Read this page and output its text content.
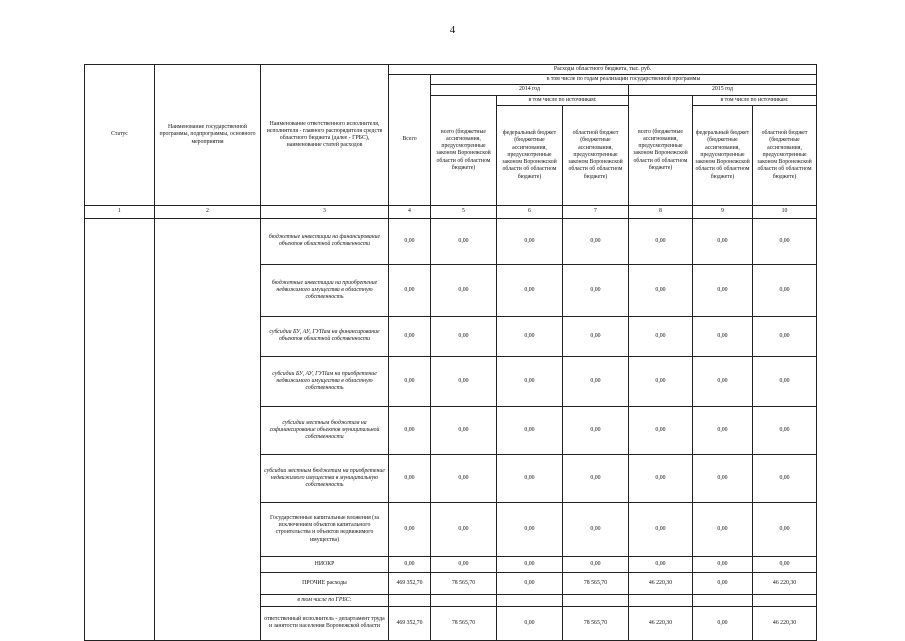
4
Статус	Наименование государственной программы, подпрограммы, основного мероприятия	Наименование ответственного исполнителя, исполнителя - главного распорядителя средств областного бюджета (далее - ГРБС), наименование статей расходов	Расходы областного бюджета, тыс. руб.						
			Всего	в том числе по годам реализации государственной программы					
				2014 год			2015 год		
				всего (бюджетные ассигнования, предусмотренные законом Воронежской области об областном бюджете)	в том числе по источникам:		всего (бюджетные ассигнования, предусмотренные законом Воронежской области об областном бюджете)	в том числе по источникам:	
					федеральный бюджет (бюджетные ассигнования, предусмотренные законом Воронежской области об областном бюджете)	областной бюджет (бюджетные ассигнования, предусмотренные законом Воронежской области об областном бюджете)		федеральный бюджет (бюджетные ассигнования, предусмотренные законом Воронежской области об областном бюджете)	областной бюджет (бюджетные ассигнования, предусмотренные законом Воронежской области об областном бюджете)
1	2	3	4	5	6	7	8	9	10
		бюджетные инвестиции на финансирование объектов областной собственности	0,00	0,00	0,00	0,00	0,00	0,00	0,00
		бюджетные инвестиции на приобретение недвижимого имущества в областную собственность	0,00	0,00	0,00	0,00	0,00	0,00	0,00
		субсидии БУ, АУ, ГУПам на финансирование объектов областной собственности	0,00	0,00	0,00	0,00	0,00	0,00	0,00
		субсидии БУ, АУ, ГУПам на приобретение недвижимого имущества в областную собственность	0,00	0,00	0,00	0,00	0,00	0,00	0,00
		субсидии местным бюджетам на софинансирование объектов муниципальной собственности	0,00	0,00	0,00	0,00	0,00	0,00	0,00
		субсидии местным бюджетам на приобретение недвижимого имущества в муниципальную собственность	0,00	0,00	0,00	0,00	0,00	0,00	0,00
		Государственные капитальные вложения (за исключением объектов капитального строительства и объектов недвижимого имущества)	0,00	0,00	0,00	0,00	0,00	0,00	0,00
		НИОКР	0,00	0,00	0,00	0,00	0,00	0,00	0,00
		ПРОЧИЕ расходы	469 352,70	78 565,70	0,00	78 565,70	46 220,30	0,00	46 220,30
		в том числе по ГРБС:							
		ответственный исполнитель - департамент труда и занятости населения Воронежской области	469 352,70	78 565,70	0,00	78 565,70	46 220,30	0,00	46 220,30
